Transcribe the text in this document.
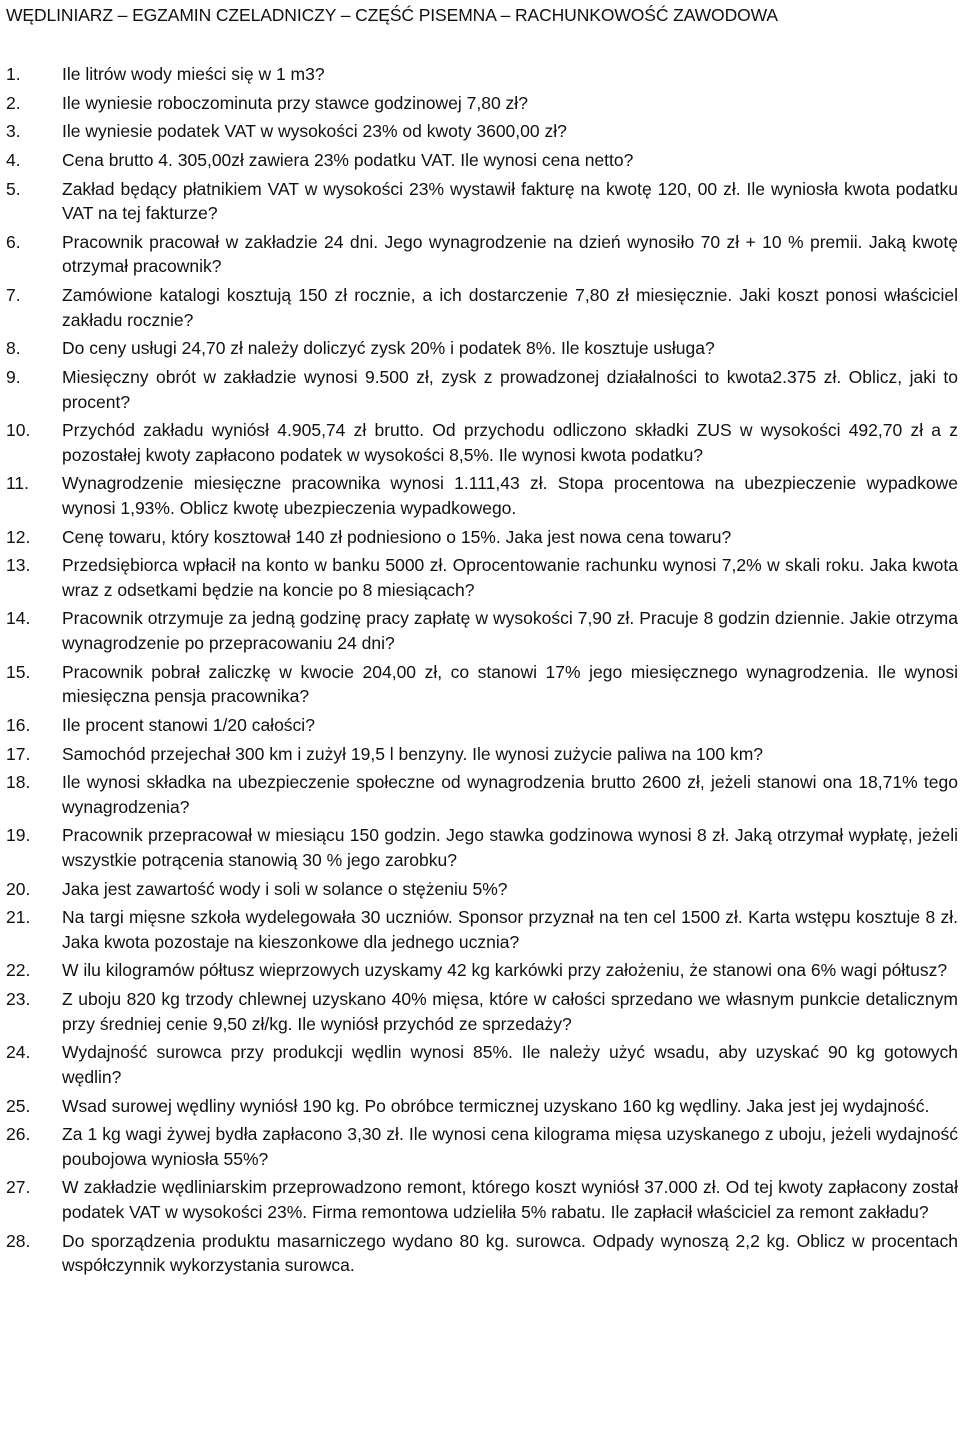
WĘDLINIARZ – EGZAMIN CZELADNICZY – CZĘŚĆ PISEMNA – RACHUNKOWOŚĆ ZAWODOWA
1.	Ile litrów wody mieści się w 1 m3?
2.	Ile wyniesie roboczominuta przy stawce godzinowej 7,80 zł?
3.	Ile wyniesie podatek VAT w wysokości 23% od kwoty 3600,00 zł?
4.	Cena brutto 4. 305,00zł zawiera 23% podatku VAT. Ile wynosi cena netto?
5.	Zakład będący płatnikiem VAT w wysokości 23% wystawił fakturę na kwotę 120, 00 zł. Ile wyniosła kwota podatku VAT na tej fakturze?
6.	Pracownik pracował w zakładzie 24 dni. Jego wynagrodzenie na dzień wynosiło 70 zł + 10 % premii. Jaką kwotę otrzymał pracownik?
7.	Zamówione katalogi kosztują 150 zł rocznie, a ich dostarczenie 7,80 zł miesięcznie. Jaki koszt ponosi właściciel zakładu rocznie?
8.	Do ceny usługi 24,70 zł należy doliczyć zysk 20% i podatek 8%. Ile kosztuje usługa?
9.	Miesięczny obrót w zakładzie wynosi 9.500 zł, zysk z prowadzonej działalności to kwota2.375 zł. Oblicz, jaki to procent?
10.	Przychód zakładu wyniósł 4.905,74 zł brutto. Od przychodu odliczono składki ZUS w wysokości 492,70 zł a z pozostałej kwoty zapłacono podatek w wysokości 8,5%. Ile wynosi kwota podatku?
11.	Wynagrodzenie miesięczne pracownika wynosi 1.111,43 zł. Stopa procentowa na ubezpieczenie wypadkowe wynosi 1,93%. Oblicz kwotę ubezpieczenia wypadkowego.
12.	Cenę towaru, który kosztował 140 zł podniesiono o 15%. Jaka jest nowa cena towaru?
13.	Przedsiębiorca wpłacił na konto w banku 5000 zł. Oprocentowanie rachunku wynosi 7,2% w skali roku. Jaka kwota wraz z odsetkami będzie na koncie po 8 miesiącach?
14.	Pracownik otrzymuje za jedną godzinę pracy zapłatę w wysokości 7,90 zł. Pracuje 8 godzin dziennie. Jakie otrzyma wynagrodzenie po przepracowaniu 24 dni?
15.	Pracownik pobrał zaliczkę w kwocie 204,00 zł, co stanowi 17% jego miesięcznego wynagrodzenia. Ile wynosi miesięczna pensja pracownika?
16.	Ile procent stanowi 1/20 całości?
17.	Samochód przejechał 300 km i zużył 19,5 l benzyny. Ile wynosi zużycie paliwa na 100 km?
18.	Ile wynosi składka na ubezpieczenie społeczne od wynagrodzenia brutto 2600 zł, jeżeli stanowi ona 18,71% tego wynagrodzenia?
19.	Pracownik przepracował w miesiącu 150 godzin. Jego stawka godzinowa wynosi 8 zł. Jaką otrzymał wypłatę, jeżeli wszystkie potrącenia stanowią 30 % jego zarobku?
20.	Jaka jest zawartość wody i soli w solance o stężeniu 5%?
21.	Na targi mięsne szkoła wydelegowała 30 uczniów. Sponsor przyznał na ten cel 1500 zł. Karta wstępu kosztuje 8 zł. Jaka kwota pozostaje na kieszonkowe dla jednego ucznia?
22.	W ilu kilogramów półtusz wieprzowych uzyskamy 42 kg karkówki przy założeniu, że stanowi ona 6% wagi półtusz?
23.	Z uboju 820 kg trzody chlewnej uzyskano 40% mięsa, które w całości sprzedano we własnym punkcie detalicznym przy średniej cenie 9,50 zł/kg. Ile wyniósł przychód ze sprzedaży?
24.	Wydajność surowca przy produkcji wędlin wynosi 85%. Ile należy użyć wsadu, aby uzyskać 90 kg gotowych wędlin?
25.	Wsad surowej wędliny wyniósł 190 kg. Po obróbce termicznej uzyskano 160 kg wędliny. Jaka jest jej wydajność.
26.	Za 1 kg wagi żywej bydła zapłacono 3,30 zł. Ile wynosi cena kilograma mięsa uzyskanego z uboju, jeżeli wydajność poubojowa wyniosła 55%?
27.	W zakładzie wędliniarskim przeprowadzono remont, którego koszt wyniósł 37.000 zł. Od tej kwoty zapłacony został podatek VAT w wysokości 23%. Firma remontowa udzieliła 5% rabatu. Ile zapłacił właściciel za remont zakładu?
28.	Do sporządzenia produktu masarniczego wydano 80 kg. surowca. Odpady wynoszą 2,2 kg. Oblicz w procentach współczynnik wykorzystania surowca.
